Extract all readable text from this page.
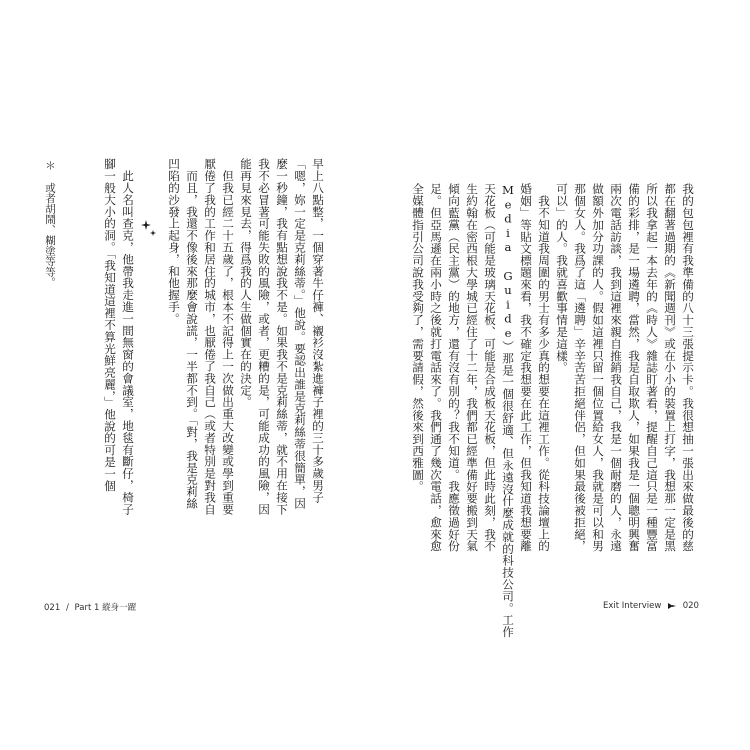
我的包包裡有我準備的八十三張提示卡。我很想抽一張出來做最後的慈
都在翻著過期的《新聞週刊》或在小小的裝置上打字，我想那一定是黑
所以我拿起一本去年的《時人》雜誌盯著看，提醒自己這只是一種豐富
備的彩排，是一場遴聘，當然，我是自取欺人，如果我是一個聰明興奮
兩次電話訪談，我到這裡來親自推銷我自己，我是一個耐磨的人，永遠
做額外加分功課的人。假如這裡只留一個位置給女人，我就是可以和男
那個女人。我爲了這「遴聘」辛辛苦苦拒絕伴侶，但如果最後被拒絕，
可以」的人。我就喜歡事情是這樣。
　我不知道我周圍的男士有多少真的想要在這裡工作。從科技論壇上的
婚姻」等貼文標題來看，我不確定我想要在此工作，但我知道我想要離
Media Guide）那是一個很舒適、但永遠沒什麼成就的科技公司。工作
天花板（可能是玻璃天花板、可能是合成板天花板，但此時此刻，我不
生約翰在密西根大學城已經住了十二年，我們都已經準備好要搬到天氣
傾向藍黨（民主黨）的地方，還有沒有別的？我不知道。我應徵過好份
足。但亞馬遜在兩小時之後就打電話來了。我們通了幾次電話，愈來愈
全媒體指引公司說我受夠了，需要請假，然後來到西雅圖。
Exit Interview	020
＊ 或者胡鬧、糊塗等等。	早上八點整，一個穿著牛仔褲、襯衫沒紮進褲子裡的三十多歲男子
「嗯，妳一定是克莉絲蒂。」他說。要認出誰是克莉絲蒂很簡單，因
麼一秒鐘，我有點想說我不是。如果我不是克莉絲蒂，就不用在接下
我不必冒著可能失敗的風險，或者，更糟的是，可能成功的風險，因
能再見來見去，得爲我的人生做個實在的決定。
　但我已經二十五歲了，根本不記得上一次做出重大改變或學到重要
厭倦了我的工作和居住的城市，也厭倦了我自己（或者特別是對我自
　而且，我還不像後來那麼會說謊，一半都不到。「對，我是克莉絲
凹陷的沙發上起身，和他握手。
　此人名叫查克，他帶我走進一間無窗的會議室，地毯有斷仔，椅子
腳一般大小的洞。「我知道這裡不算光鮮亮麗，」他說的可是一個
021 / Part 1 縱身一躍
